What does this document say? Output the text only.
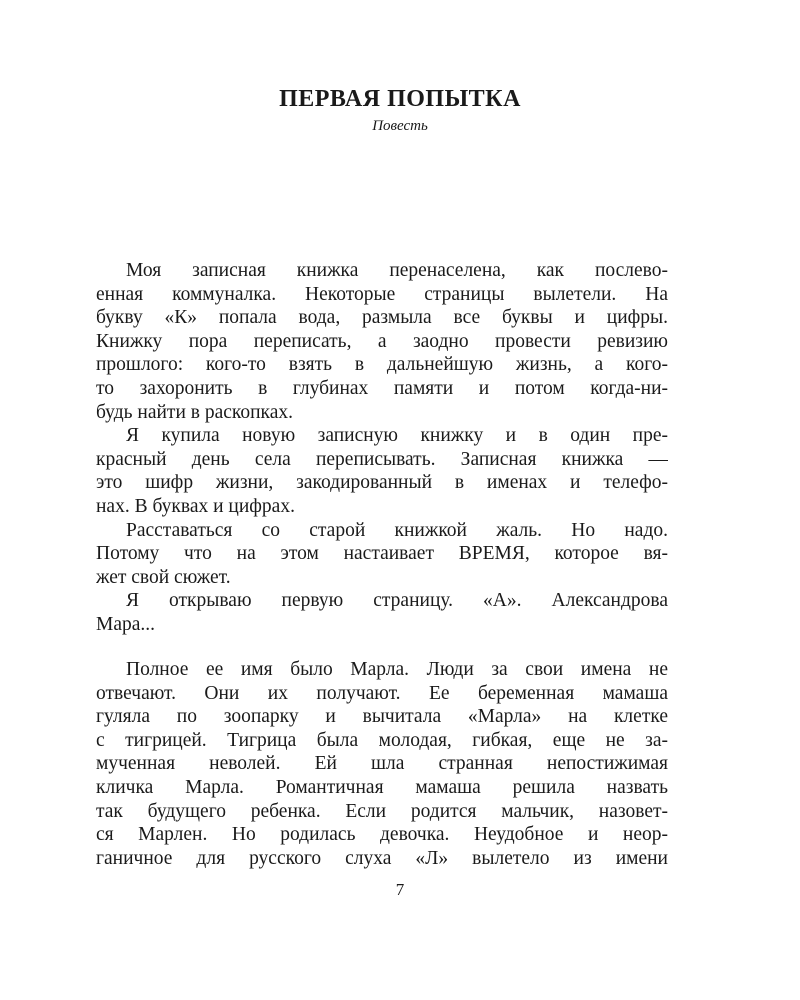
ПЕРВАЯ ПОПЫТКА
Повесть
Моя записная книжка перенаселена, как послево-
енная коммуналка. Некоторые страницы вылетели. На
букву «К» попала вода, размыла все буквы и цифры.
Книжку пора переписать, а заодно провести ревизию
прошлого: кого-то взять в дальнейшую жизнь, а кого-
то захоронить в глубинах памяти и потом когда-ни-
будь найти в раскопках.
Я купила новую записную книжку и в один пре-
красный день села переписывать. Записная книжка —
это шифр жизни, закодированный в именах и телефо-
нах. В буквах и цифрах.
Расставаться со старой книжкой жаль. Но надо.
Потому что на этом настаивает ВРЕМЯ, которое вя-
жет свой сюжет.
Я открываю первую страницу. «А». Александрова
Мара...
Полное ее имя было Марла. Люди за свои имена не
отвечают. Они их получают. Ее беременная мамаша
гуляла по зоопарку и вычитала «Марла» на клетке
с тигрицей. Тигрица была молодая, гибкая, еще не за-
мученная неволей. Ей шла странная непостижимая
кличка Марла. Романтичная мамаша решила назвать
так будущего ребенка. Если родится мальчик, назовет-
ся Марлен. Но родилась девочка. Неудобное и неор-
ганичное для русского слуха «Л» вылетело из имени
7
